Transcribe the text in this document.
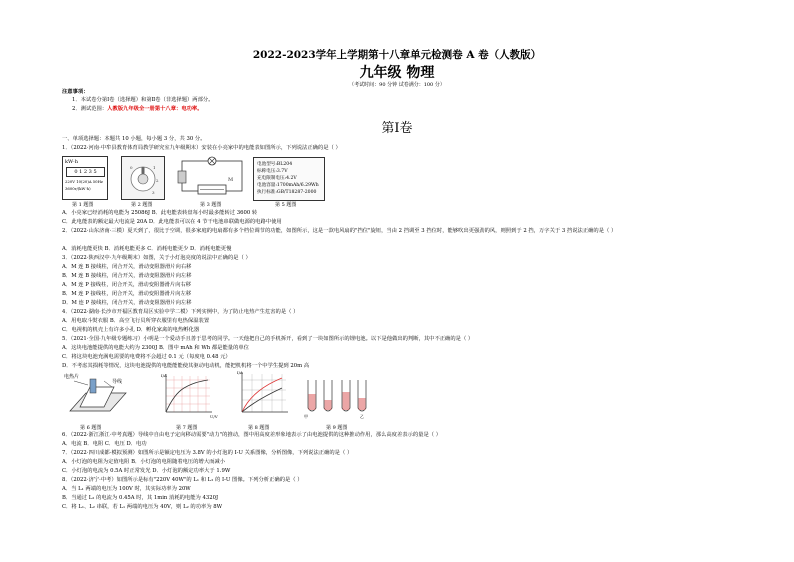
2022-2023学年上学期第十八章单元检测卷 A 卷（人教版）
九年级 物理
（考试时间：90 分钟 试卷满分：100 分）
注意事项：
1．本试卷分第Ⅰ卷（选择题）和第Ⅱ卷（非选择题）两部分。
2．测试范围：人教版九年级全一册第十八章：电功率。
第Ⅰ卷
一、单项选择题：本题共 10 小题，每小题 3 分，共 30 分。
1．（2022·河南·中牟县教育体育局教学研究室九年级期末）安装在小亮家中的电能表如图所示，下列说法正确的是（ ）
kW·h
0 1 2 3 5
220V 10(20)A 50Hz
3600r/(kW·h)
第 1 题图
0	1
2
3
第 2 题图
M
第 3 题图
电池型号:BL204
标称电压:3.7V
充电限制电压:4.2V
电池容量:1700mAh/6.29Wh
执行标准:GB/T18287-2000
第 5 题图
A．小亮家已经消耗的电能为 25086J B．此电能表转盘每小时最多能转过 3600 转
C．此电能表的额定最大电流是 20A D．此电能表可以在 4 节干电池串联做电源的电路中使用
2．（2022·山东济南·三模）夏天到了，很比于空调，很多家庭的电扇都有多个档位调节的功能，如图所示，这是一款电风扇的"挡位"旋钮，当由 2 挡调至 3 挡位时，能够吹出更强劲的风，则照到于 2 挡，万字关于 3 挡说法正确的是（ ）
A．消耗电能更快 B．消耗电能更多 C．消耗电能更少 D．消耗电能更慢
3．（2022·陕西汉中·九年级期末）如图，关于小灯泡亮度的说法中正确的是（ ）
A．M 连 B 接线柱，闭合开关，滑动变阻器滑片向右移
B．M 连 B 接线柱，闭合开关，滑动变阻器滑片向左移
A．M 连 P 接线柱，闭合开关，滑动变阻器滑片向右移
B．M 连 P 接线柱，闭合开关，滑动变阻器滑片向左移
D．M 连 P 接线柱，闭合开关，滑动变阻器滑片向左移
4．（2022·湖南·长沙市开福区教育局区实验中学二模）下列实例中，为了防止电热产生危害的是（ ）
A．用电取斗熨衣服 B．高空飞行员所穿衣服里有电热保温装置
C．电视机的机壳上有许多小孔 D．孵化家禽的电热孵化器
5．（2021·全国·九年级专题练习）小明是一个爱动手且善于思考的同学。一天他把自己的手机拆开，看到了一块如图所示的锂电池。以下是他做出的判断，其中不正确的是（ ）
A．这块电池能提供的电能大约为 2300J B．图中 mAh 和 Wh 都是能量的单位
C．将这块电池充满电需要的电费将不会超过 0.1 元（每度电 0.48 元）
D．不考虑其损耗等情况，这块电池提供的电能能能使其驱动电动机，能把机机将一个中学生提到 20m 高
电热片
导线
第 6 题图
I/A
U/V
第 7 题图
I/A
第 8 题图
甲	乙
第 9 题图
6．（2022·浙江浙江·中考真题）导线中自由电子定向移动需要"动力"的推动，图中用高度差形象地表示了由电池提供的这种推动作用，那么高度差表示的量是（ ）
A．电流 B．电阻 C．电压 D．电功
7．（2022·四川成都·模拟预测）如图所示是额定电压为 3.8V 的小灯泡的 I-U 关系图像，分析图像，下列说法正确的是（ ）
A．小灯泡的电阻为定值电阻 B．小灯泡的电阻随着电压的增大而减小
C．小灯泡的电流为 0.5A 时正常发光 D．小灯泡的额定功率大于 1.9W
8．（2022·济宁·中考）如图所示是标有"220V 40W"的 L₁ 和 L₂ 的 I-U 图像。下列分析正确的是（ ）
A．当 L₁ 两端的电压为 100V 时，其实际功率为 20W
B．当通过 L₂ 的电流为 0.45A 时，其 1min 消耗的电能为 4320J
C．将 L₁、L₂ 串联，若 L₁ 两端的电压为 40V，则 L₂ 的功率为 8W
